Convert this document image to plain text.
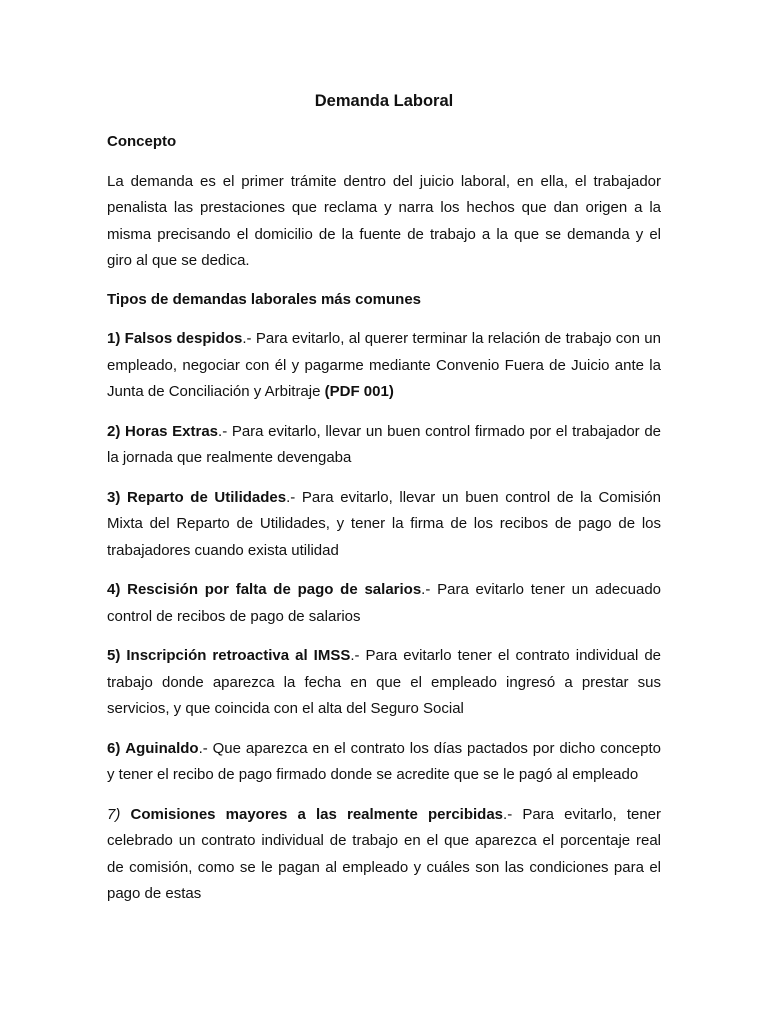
Demanda Laboral

Concepto

La demanda es el primer trámite dentro del juicio laboral, en ella, el trabajador penalista las prestaciones que reclama y narra los hechos que dan origen a la misma precisando el domicilio de la fuente de trabajo a la que se demanda y el giro al que se dedica.

Tipos de demandas laborales más comunes

1) Falsos despidos.- Para evitarlo, al querer terminar la relación de trabajo con un empleado, negociar con él y pagarme mediante Convenio Fuera de Juicio ante la Junta de Conciliación y Arbitraje (PDF 001)

2) Horas Extras.- Para evitarlo, llevar un buen control firmado por el trabajador de la jornada que realmente devengaba

3) Reparto de Utilidades.- Para evitarlo, llevar un buen control de la Comisión Mixta del Reparto de Utilidades, y tener la firma de los recibos de pago de los trabajadores cuando exista utilidad

4) Rescisión por falta de pago de salarios.- Para evitarlo tener un adecuado control de recibos de pago de salarios

5) Inscripción retroactiva al IMSS.- Para evitarlo tener el contrato individual de trabajo donde aparezca la fecha en que el empleado ingresó a prestar sus servicios, y que coincida con el alta del Seguro Social

6) Aguinaldo.- Que aparezca en el contrato los días pactados por dicho concepto y tener el recibo de pago firmado donde se acredite que se le pagó al empleado

7) Comisiones mayores a las realmente percibidas.- Para evitarlo, tener celebrado un contrato individual de trabajo en el que aparezca el porcentaje real de comisión, como se le pagan al empleado y cuáles son las condiciones para el pago de estas
